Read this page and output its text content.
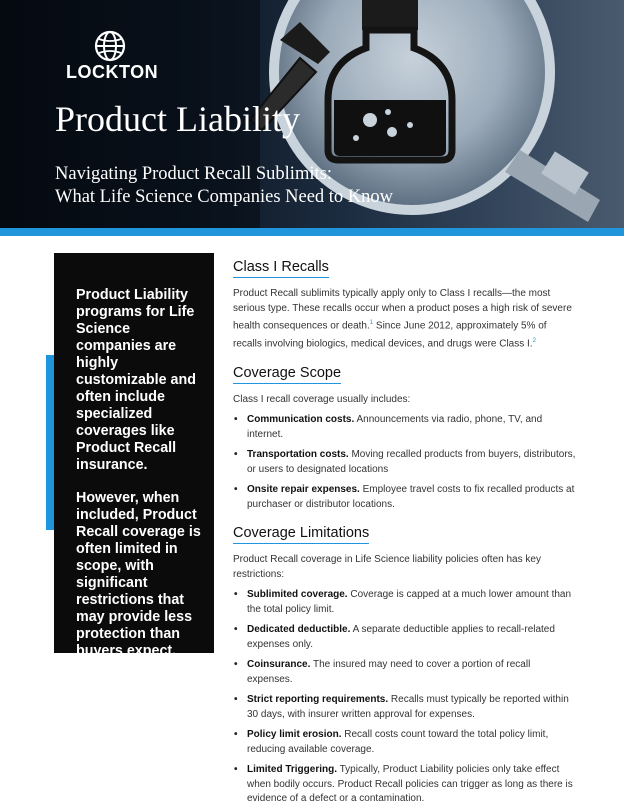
LOCKTON
Product Liability
Navigating Product Recall Sublimits:
What Life Science Companies Need to Know

Product Liability programs for Life Science companies are highly customizable and often include specialized coverages like Product Recall insurance.

However, when included, Product Recall coverage is often limited in scope, with significant restrictions that may provide less protection than buyers expect.

Class I Recalls

Product Recall sublimits typically apply only to Class I recalls—the most serious type. These recalls occur when a product poses a high risk of severe health consequences or death.$^1$ Since June 2012, approximately 5% of recalls involving biologics, medical devices, and drugs were Class I.$^2$

Coverage Scope

Class I recall coverage usually includes:

• Communication costs. Announcements via radio, phone, TV, and internet.
• Transportation costs. Moving recalled products from buyers, distributors, or users to designated locations
• Onsite repair expenses. Employee travel costs to fix recalled products at purchaser or distributor locations.
Coverage Limitations

Product Recall coverage in Life Science liability policies often has key restrictions:

• Sublimited coverage. Coverage is capped at a much lower amount than the total policy limit.
• Dedicated deductible. A separate deductible applies to recall-related expenses only.
• Coinsurance. The insured may need to cover a portion of recall expenses.
• Strict reporting requirements. Recalls must typically be reported within 30 days, with insurer written approval for expenses.
• Policy limit erosion. Recall costs count toward the total policy limit, reducing available coverage.
• Limited Triggering. Typically, Product Liability policies only take effect when bodily occurs. Product Recall policies can trigger as long as there is evidence of a defect or a contamination.
